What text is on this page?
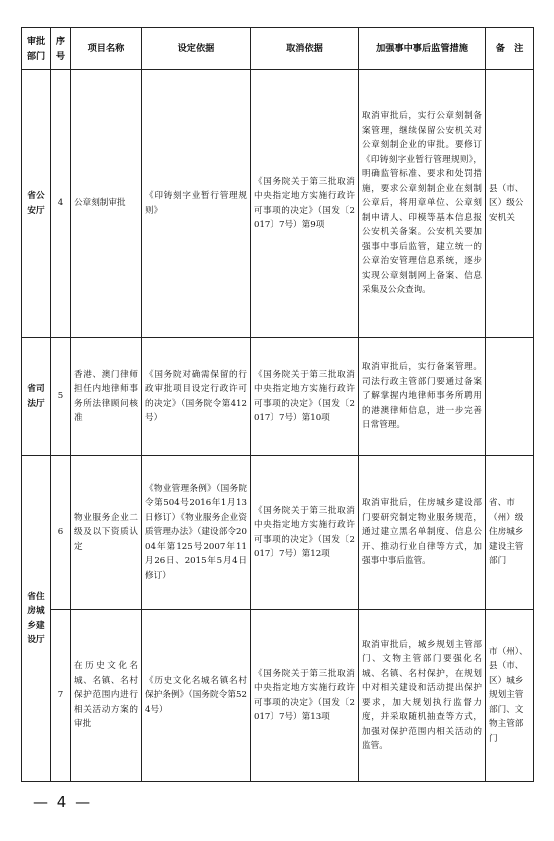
审批部门	序号	项目名称	设定依据	取消依据	加强事中事后监管措施	备　注
省公安厅	4	公章刻制审批	《印铸刻字业暂行管理规则》	《国务院关于第三批取消中央指定地方实施行政许可事项的决定》（国发〔2017〕7号）第9项	取消审批后，实行公章刻制备案管理，继续保留公安机关对公章刻制企业的审批。要修订《印铸刻字业暂行管理规则》，明确监管标准、要求和处罚措施，要求公章刻制企业在刻制公章后，将用章单位、公章刻制申请人、印模等基本信息报公安机关备案。公安机关要加强事中事后监管，建立统一的公章治安管理信息系统，逐步实现公章刻制网上备案、信息采集及公众查询。	县（市、区）级公安机关
省司法厅	5	香港、澳门律师担任内地律师事务所法律顾问核准	《国务院对确需保留的行政审批项目设定行政许可的决定》（国务院令第412号）	《国务院关于第三批取消中央指定地方实施行政许可事项的决定》（国发〔2017〕7号）第10项	取消审批后，实行备案管理。司法行政主管部门要通过备案了解掌握内地律师事务所聘用的港澳律师信息，进一步完善日常管理。	
省住房城乡建设厅	6	物业服务企业二级及以下资质认定	《物业管理条例》（国务院令第504号2016年1月13日修订）《物业服务企业资质管理办法》（建设部令2004年第125号2007年11月26日、2015年5月4日修订）	《国务院关于第三批取消中央指定地方实施行政许可事项的决定》（国发〔2017〕7号）第12项	取消审批后，住房城乡建设部门要研究制定物业服务规范，通过建立黑名单制度、信息公开、推动行业自律等方式，加强事中事后监管。	省、市（州）级住房城乡建设主管部门
	7	在历史文化名城、名镇、名村保护范围内进行相关活动方案的审批	《历史文化名城名镇名村保护条例》（国务院令第524号）	《国务院关于第三批取消中央指定地方实施行政许可事项的决定》（国发〔2017〕7号）第13项	取消审批后，城乡规划主管部门、文物主管部门要强化名城、名镇、名村保护，在规划中对相关建设和活动提出保护要求，加大规划执行监督力度，并采取随机抽查等方式，加强对保护范围内相关活动的监管。	市（州）、县（市、区）城乡规划主管部门、文物主管部门
— 4 —
